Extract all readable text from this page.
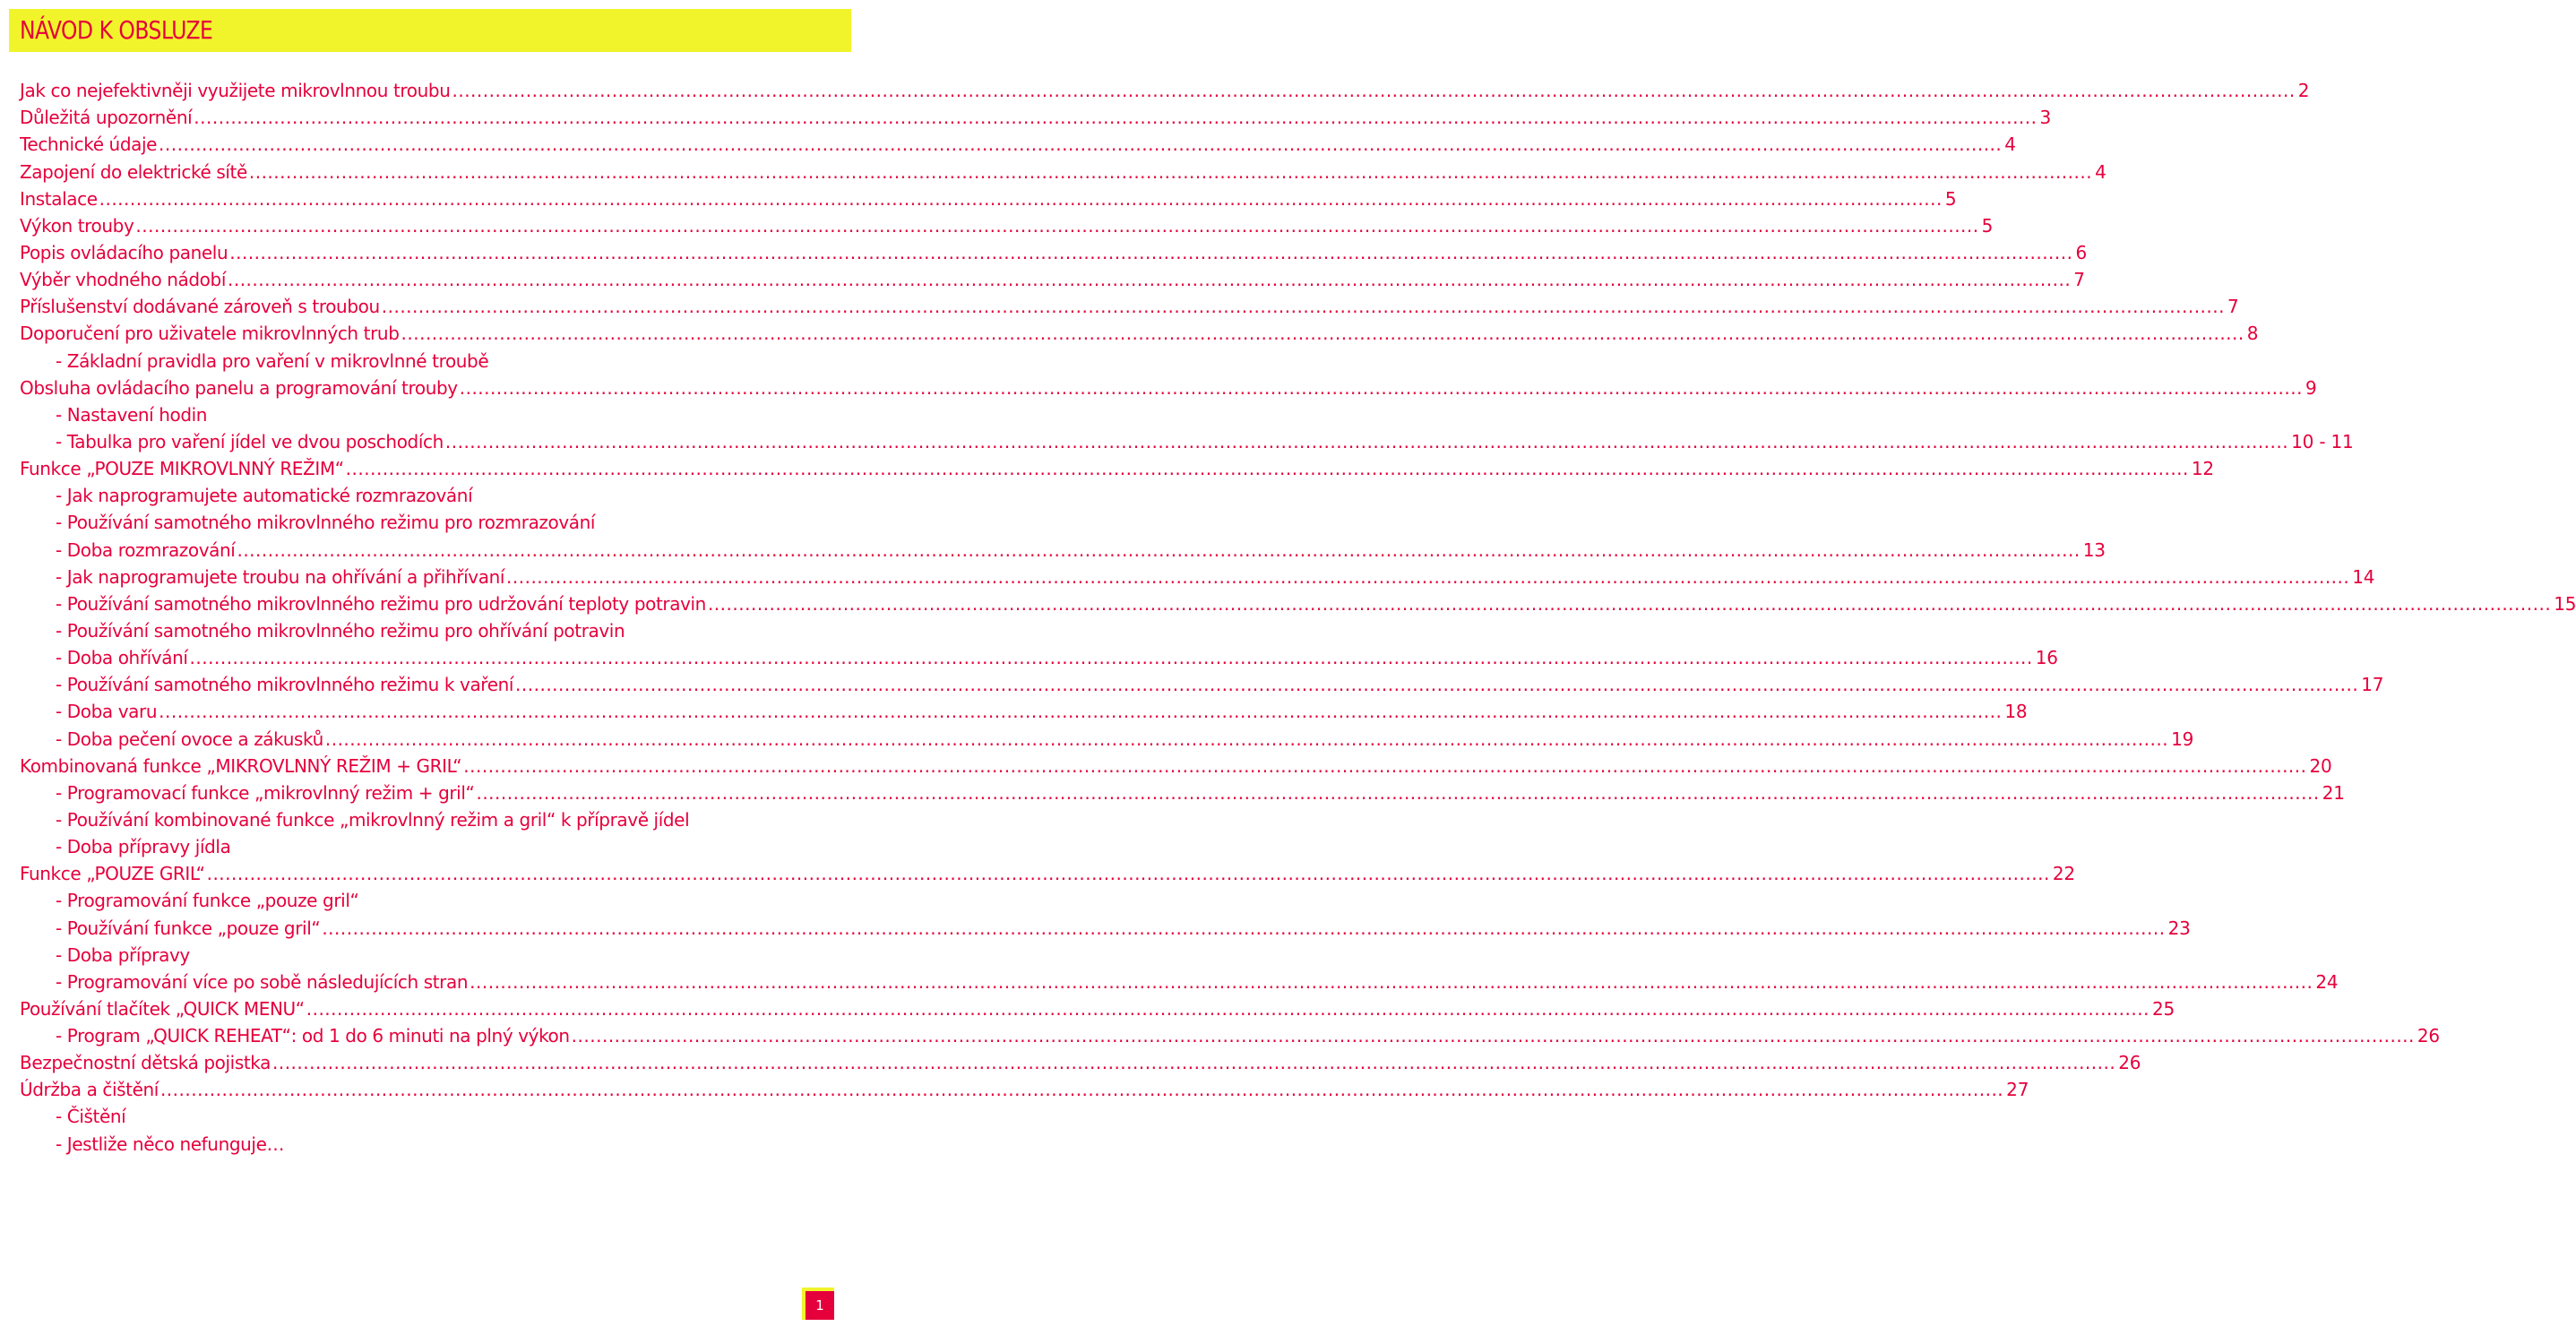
NÁVOD K OBSLUZE
Jak co nejefektivněji využijete mikrovlnnou troubu ............................................................................................................................................................................................................................................................................................................ 2
Důležitá upozornění ............................................................................................................................................................................................................................................................................................................ 3
Technické údaje ............................................................................................................................................................................................................................................................................................................ 4
Zapojení do elektrické sítě ............................................................................................................................................................................................................................................................................................................ 4
Instalace ............................................................................................................................................................................................................................................................................................................ 5
Výkon trouby ............................................................................................................................................................................................................................................................................................................ 5
Popis ovládacího panelu ............................................................................................................................................................................................................................................................................................................ 6
Výběr vhodného nádobí ............................................................................................................................................................................................................................................................................................................ 7
Příslušenství dodávané zároveň s troubou ............................................................................................................................................................................................................................................................................................................ 7
Doporučení pro uživatele mikrovlnných trub ............................................................................................................................................................................................................................................................................................................ 8
- Základní pravidla pro vaření v mikrovlnné troubě
Obsluha ovládacího panelu a programování trouby ............................................................................................................................................................................................................................................................................................................ 9
- Nastavení hodin
- Tabulka pro vaření jídel ve dvou poschodích ............................................................................................................................................................................................................................................................................................................ 10 - 11
Funkce „POUZE MIKROVLNNÝ REŽIM“ ............................................................................................................................................................................................................................................................................................................ 12
- Jak naprogramujete automatické rozmrazování
- Používání samotného mikrovlnného režimu pro rozmrazování
- Doba rozmrazování ............................................................................................................................................................................................................................................................................................................ 13
- Jak naprogramujete troubu na ohřívání a přihřívaní ............................................................................................................................................................................................................................................................................................................ 14
- Používání samotného mikrovlnného režimu pro udržování teploty potravin ............................................................................................................................................................................................................................................................................................................ 15
- Používání samotného mikrovlnného režimu pro ohřívání potravin
- Doba ohřívání ............................................................................................................................................................................................................................................................................................................ 16
- Používání samotného mikrovlnného režimu k vaření ............................................................................................................................................................................................................................................................................................................ 17
- Doba varu ............................................................................................................................................................................................................................................................................................................ 18
- Doba pečení ovoce a zákusků ............................................................................................................................................................................................................................................................................................................ 19
Kombinovaná funkce „MIKROVLNNÝ REŽIM + GRIL“ ............................................................................................................................................................................................................................................................................................................ 20
- Programovací funkce „mikrovlnný režim + gril“ ............................................................................................................................................................................................................................................................................................................ 21
- Používání kombinované funkce „mikrovlnný režim a gril“ k přípravě jídel
- Doba přípravy jídla
Funkce „POUZE GRIL“ ............................................................................................................................................................................................................................................................................................................ 22
- Programování funkce „pouze gril“
- Používání funkce „pouze gril“ ............................................................................................................................................................................................................................................................................................................ 23
- Doba přípravy
- Programování více po sobě následujících stran ............................................................................................................................................................................................................................................................................................................ 24
Používání tlačítek „QUICK MENU“ ............................................................................................................................................................................................................................................................................................................ 25
- Program „QUICK REHEAT“: od 1 do 6 minuti na plný výkon ............................................................................................................................................................................................................................................................................................................ 26
Bezpečnostní dětská pojistka ............................................................................................................................................................................................................................................................................................................ 26
Údržba a čištění ............................................................................................................................................................................................................................................................................................................ 27
- Čištění
- Jestliže něco nefunguje…
1
